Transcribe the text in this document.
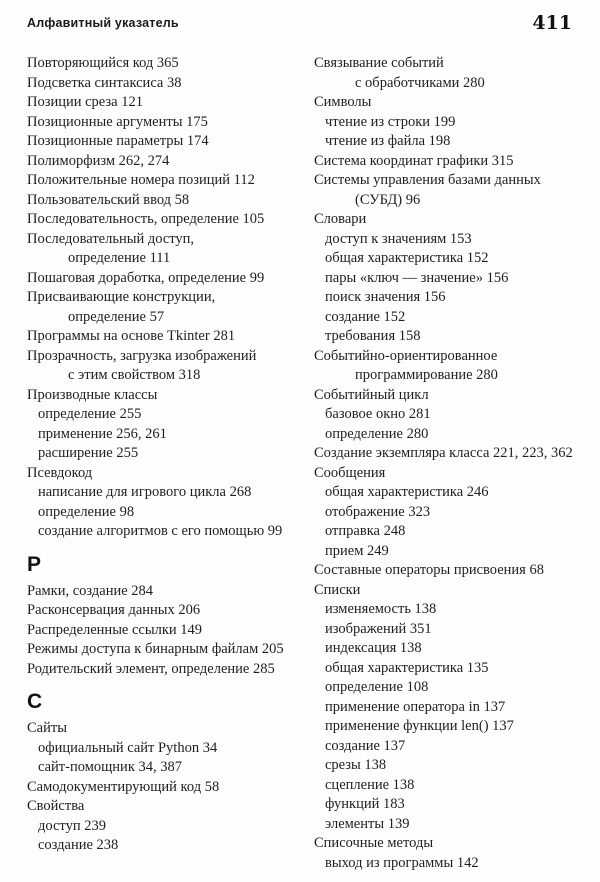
Алфавитный указатель	411
Повторяющийся код 365
Подсветка синтаксиса 38
Позиции среза 121
Позиционные аргументы 175
Позиционные параметры 174
Полиморфизм 262, 274
Положительные номера позиций 112
Пользовательский ввод 58
Последовательность, определение 105
Последовательный доступ,
определение 111
Пошаговая доработка, определение 99
Присваивающие конструкции,
определение 57
Программы на основе Tkinter 281
Прозрачность, загрузка изображений
с этим свойством 318
Производные классы
определение 255
применение 256, 261
расширение 255
Псевдокод
написание для игрового цикла 268
определение 98
создание алгоритмов с его помощью 99
Р
Рамки, создание 284
Расконсервация данных 206
Распределенные ссылки 149
Режимы доступа к бинарным файлам 205
Родительский элемент, определение 285
С
Сайты
официальный сайт Python 34
сайт-помощник 34, 387
Самодокументирующий код 58
Свойства
доступ 239
создание 238
Связывание событий
с обработчиками 280
Символы
чтение из строки 199
чтение из файла 198
Система координат графики 315
Системы управления базами данных
(СУБД) 96
Словари
доступ к значениям 153
общая характеристика 152
пары «ключ — значение» 156
поиск значения 156
создание 152
требования 158
Событийно-ориентированное
программирование 280
Событийный цикл
базовое окно 281
определение 280
Создание экземпляра класса 221, 223, 362
Сообщения
общая характеристика 246
отображение 323
отправка 248
прием 249
Составные операторы присвоения 68
Списки
изменяемость 138
изображений 351
индексация 138
общая характеристика 135
определение 108
применение оператора in 137
применение функции len() 137
создание 137
срезы 138
сцепление 138
функций 183
элементы 139
Списочные методы
выход из программы 142
